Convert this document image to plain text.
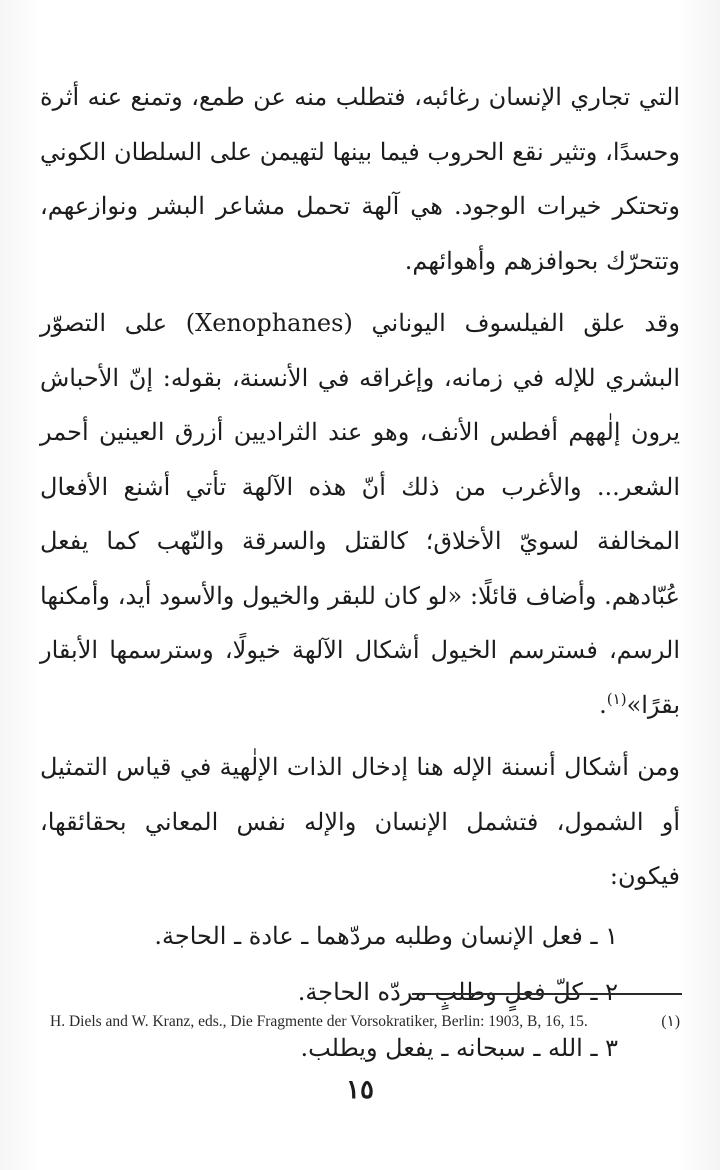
التي تجاري الإنسان رغائبه، فتطلب منه عن طمع، وتمنع عنه أثرة وحسدًا، وتثير نقع الحروب فيما بينها لتهيمن على السلطان الكوني وتحتكر خيرات الوجود. هي آلهة تحمل مشاعر البشر ونوازعهم، وتتحرّك بحوافزهم وأهوائهم.

وقد علق الفيلسوف اليوناني (Xenophanes) على التصوّر البشري للإله في زمانه، وإغراقه في الأنسنة، بقوله: إنّ الأحباش يرون إلٰههم أفطس الأنف، وهو عند الثراديين أزرق العينين أحمر الشعر... والأغرب من ذلك أنّ هذه الآلهة تأتي أشنع الأفعال المخالفة لسويّ الأخلاق؛ كالقتل والسرقة والنّهب كما يفعل عُبّادهم. وأضاف قائلًا: «لو كان للبقر والخيول والأسود أيد، وأمكنها الرسم، فسترسم الخيول أشكال الآلهة خيولًا، وسترسمها الأبقار بقرًا»$^{(١)}$.

ومن أشكال أنسنة الإله هنا إدخال الذات الإلٰهية في قياس التمثيل أو الشمول، فتشمل الإنسان والإله نفس المعاني بحقائقها، فيكون:

١ ـ فعل الإنسان وطلبه مردّهما ـ عادة ـ الحاجة.
٢ ـ كلّ فعلٍ وطلبٍ مردّه الحاجة.
٣ ـ الله ـ سبحانه ـ يفعل ويطلب.
(١)
H. Diels and W. Kranz, eds., Die Fragmente der Vorsokratiker, Berlin: 1903, B, 16, 15.
١٥
